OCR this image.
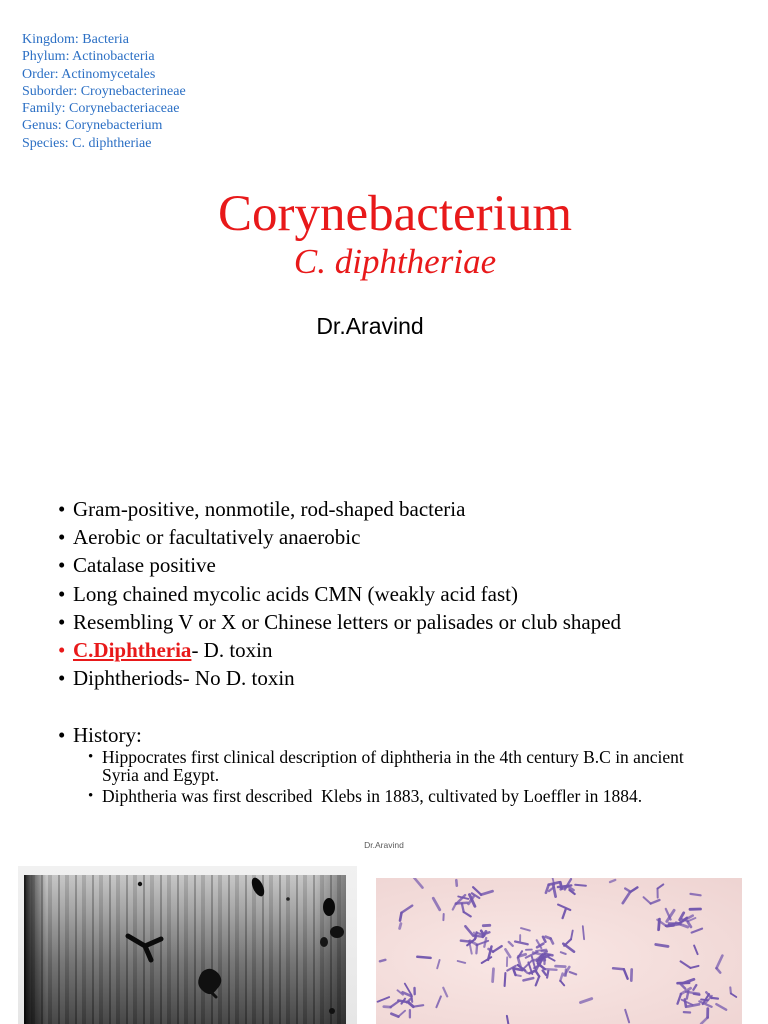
Kingdom: Bacteria
Phylum: Actinobacteria
Order: Actinomycetales
Suborder: Croynebacterineae
Family: Corynebacteriaceae
Genus: Corynebacterium
Species: C. diphtheriae
Corynebacterium
C. diphtheriae
Dr.Aravind
• Gram-positive, nonmotile, rod-shaped bacteria
• Aerobic or facultatively anaerobic
• Catalase positive
• Long chained mycolic acids CMN (weakly acid fast)
• Resembling V or X or Chinese letters or palisades or club shaped
• C.Diphtheria- D. toxin
• Diphtheriods- No D. toxin
• History:
• Hippocrates first clinical description of diphtheria in the 4th century B.C in ancient Syria and Egypt.
• Diphtheria was first described  Klebs in 1883, cultivated by Loeffler in 1884.
Dr.Aravind
